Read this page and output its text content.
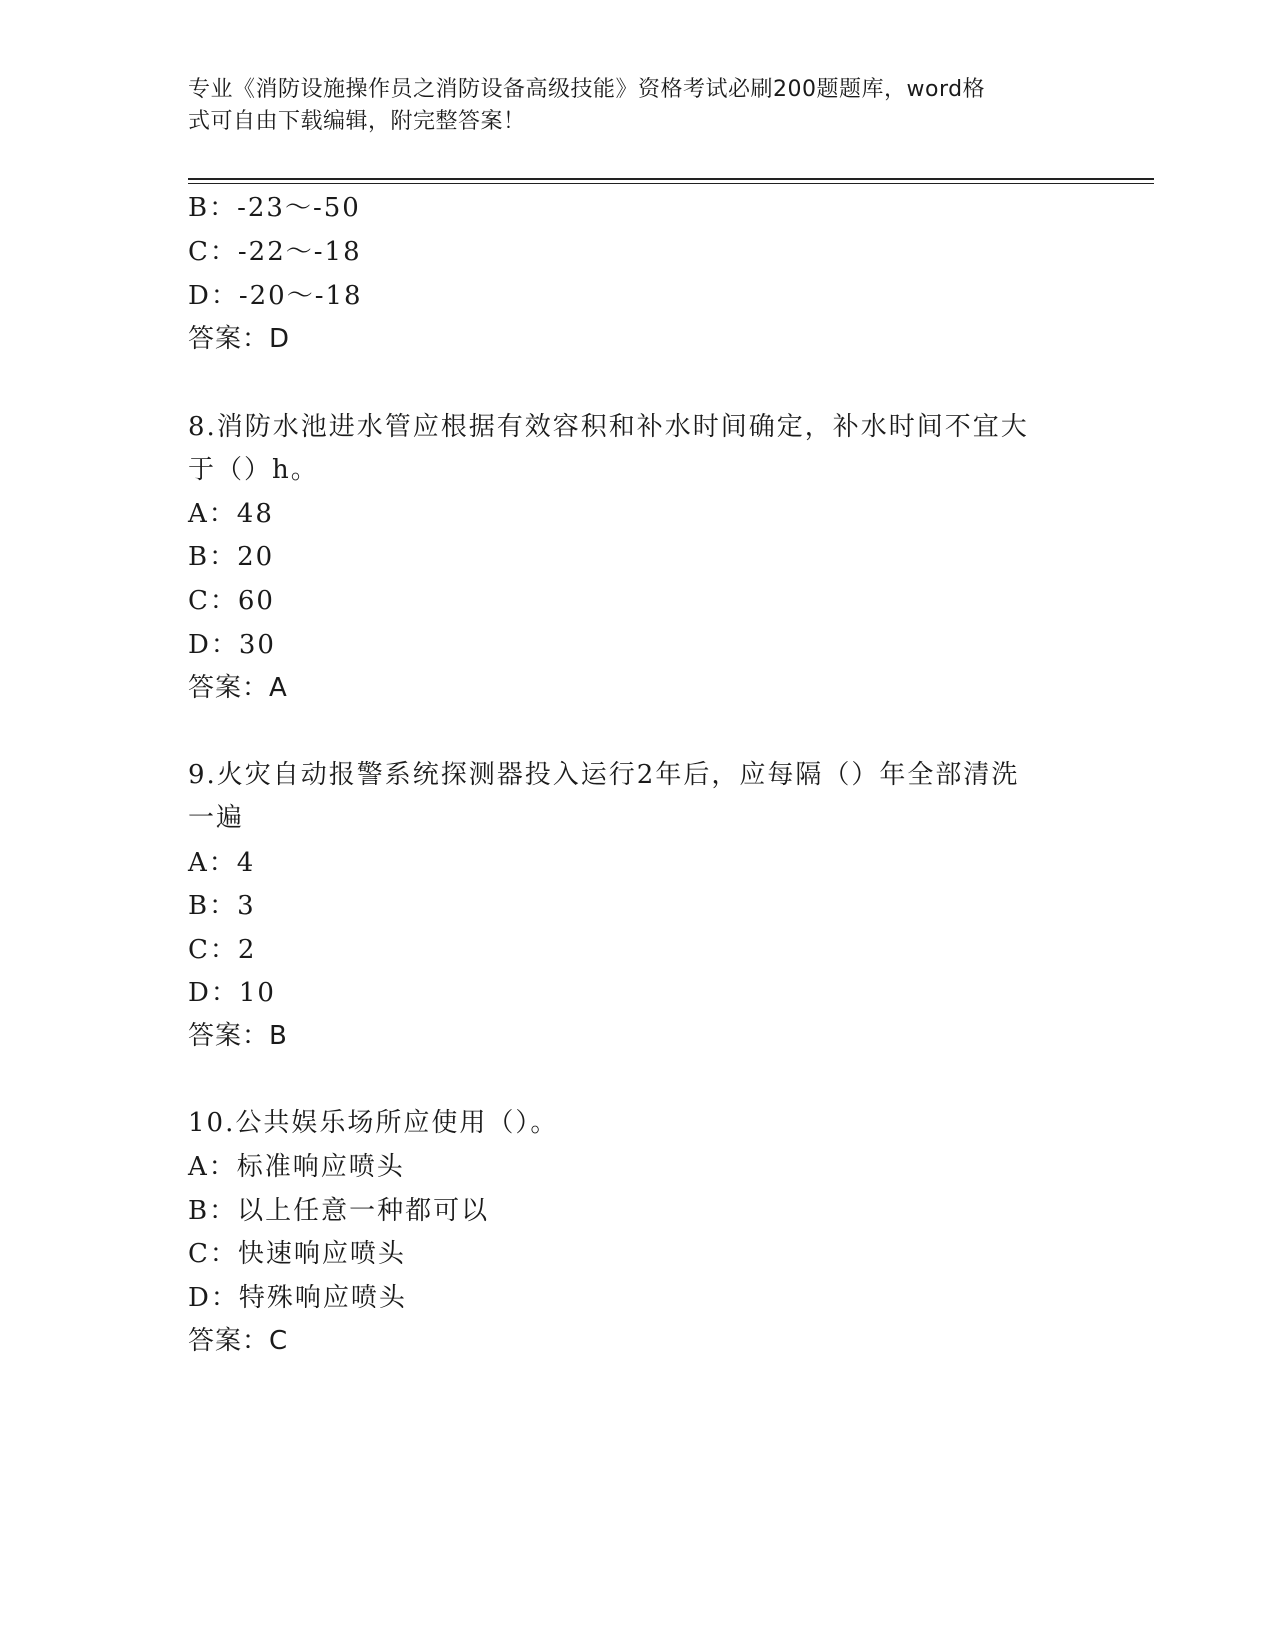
专业《消防设施操作员之消防设备高级技能》资格考试必刷200题题库，word格
式可自由下载编辑，附完整答案！
B：-23～-50
C：-22～-18
D：-20～-18
答案：D
8.消防水池进水管应根据有效容积和补水时间确定，补水时间不宜大
于（）h。
A：48
B：20
C：60
D：30
答案：A
9.火灾自动报警系统探测器投入运行2年后，应每隔（）年全部清洗
一遍
A：4
B：3
C：2
D：10
答案：B
10.公共娱乐场所应使用（）。
A：标准响应喷头
B：以上任意一种都可以
C：快速响应喷头
D：特殊响应喷头
答案：C
